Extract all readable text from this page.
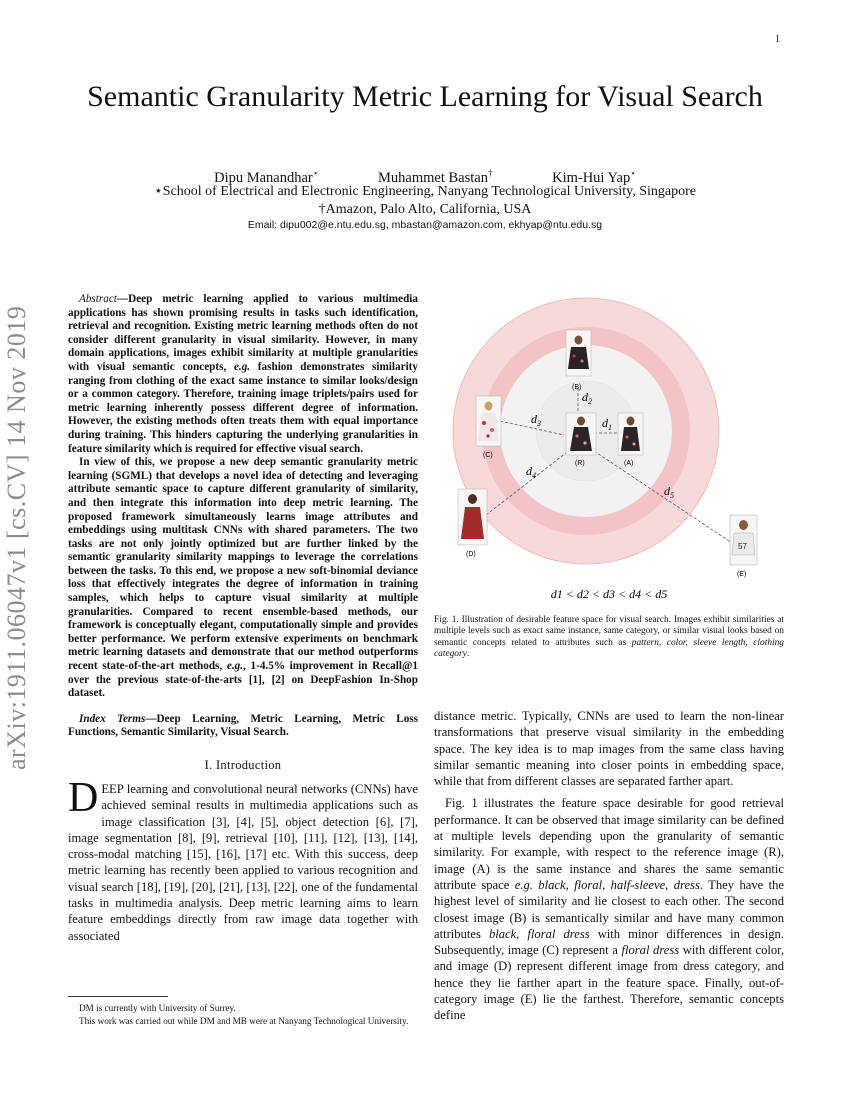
1
Semantic Granularity Metric Learning for Visual Search
Dipu Manandhar⋆	Muhammet Bastan†	Kim-Hui Yap⋆
⋆School of Electrical and Electronic Engineering, Nanyang Technological University, Singapore
†Amazon, Palo Alto, California, USA
Email: dipu002@e.ntu.edu.sg, mbastan@amazon.com, ekhyap@ntu.edu.sg
arXiv:1911.06047v1 [cs.CV] 14 Nov 2019

Abstract—Deep metric learning applied to various multimedia applications has shown promising results in tasks such identification, retrieval and recognition. Existing metric learning methods often do not consider different granularity in visual similarity. However, in many domain applications, images exhibit similarity at multiple granularities with visual semantic concepts, e.g. fashion demonstrates similarity ranging from clothing of the exact same instance to similar looks/design or a common category. Therefore, training image triplets/pairs used for metric learning inherently possess different degree of information. However, the existing methods often treats them with equal importance during training. This hinders capturing the underlying granularities in feature similarity which is required for effective visual search.

In view of this, we propose a new deep semantic granularity metric learning (SGML) that develops a novel idea of detecting and leveraging attribute semantic space to capture different granularity of similarity, and then integrate this information into deep metric learning. The proposed framework simultaneously learns image attributes and embeddings using multitask CNNs with shared parameters. The two tasks are not only jointly optimized but are further linked by the semantic granularity similarity mappings to leverage the correlations between the tasks. To this end, we propose a new soft-binomial deviance loss that effectively integrates the degree of information in training samples, which helps to capture visual similarity at multiple granularities. Compared to recent ensemble-based methods, our framework is conceptually elegant, computationally simple and provides better performance. We perform extensive experiments on benchmark metric learning datasets and demonstrate that our method outperforms recent state-of-the-art methods, e.g., 1-4.5% improvement in Recall@1 over the previous state-of-the-arts [1], [2] on DeepFashion In-Shop dataset.

Index Terms—Deep Learning, Metric Learning, Metric Loss Functions, Semantic Similarity, Visual Search.

I. Introduction

DEEP learning and convolutional neural networks (CNNs) have achieved seminal results in multimedia applications such as image classification [3], [4], [5], object detection [6], [7], image segmentation [8], [9], retrieval [10], [11], [12], [13], [14], cross-modal matching [15], [16], [17] etc. With this success, deep metric learning has recently been applied to various recognition and visual search [18], [19], [20], [21], [13], [22], one of the fundamental tasks in multimedia analysis. Deep metric learning aims to learn feature embeddings directly from raw image data together with associated

DM is currently with University of Surrey.
This work was carried out while DM and MB were at Nanyang Technological University.
57
(B)
(C)
(R)	(A)
(D)
(E)
$d_2$
$d_3$	$d_1$
$d_4$
$d_5$
d1 < d2 < d3 < d4 < d5
Fig. 1. Illustration of desirable feature space for visual search. Images exhibit similarities at multiple levels such as exact same instance, same category, or similar visual looks based on semantic concepts related to attributes such as pattern, color, sleeve length, clothing category.

distance metric. Typically, CNNs are used to learn the non-linear transformations that preserve visual similarity in the embedding space. The key idea is to map images from the same class having similar semantic meaning into closer points in embedding space, while that from different classes are separated farther apart.

Fig. 1 illustrates the feature space desirable for good retrieval performance. It can be observed that image similarity can be defined at multiple levels depending upon the granularity of semantic similarity. For example, with respect to the reference image (R), image (A) is the same instance and shares the same semantic attribute space e.g. black, floral, half-sleeve, dress. They have the highest level of similarity and lie closest to each other. The second closest image (B) is semantically similar and have many common attributes black, floral dress with minor differences in design. Subsequently, image (C) represent a floral dress with different color, and image (D) represent different image from dress category, and hence they lie farther apart in the feature space. Finally, out-of-category image (E) lie the farthest. Therefore, semantic concepts define
